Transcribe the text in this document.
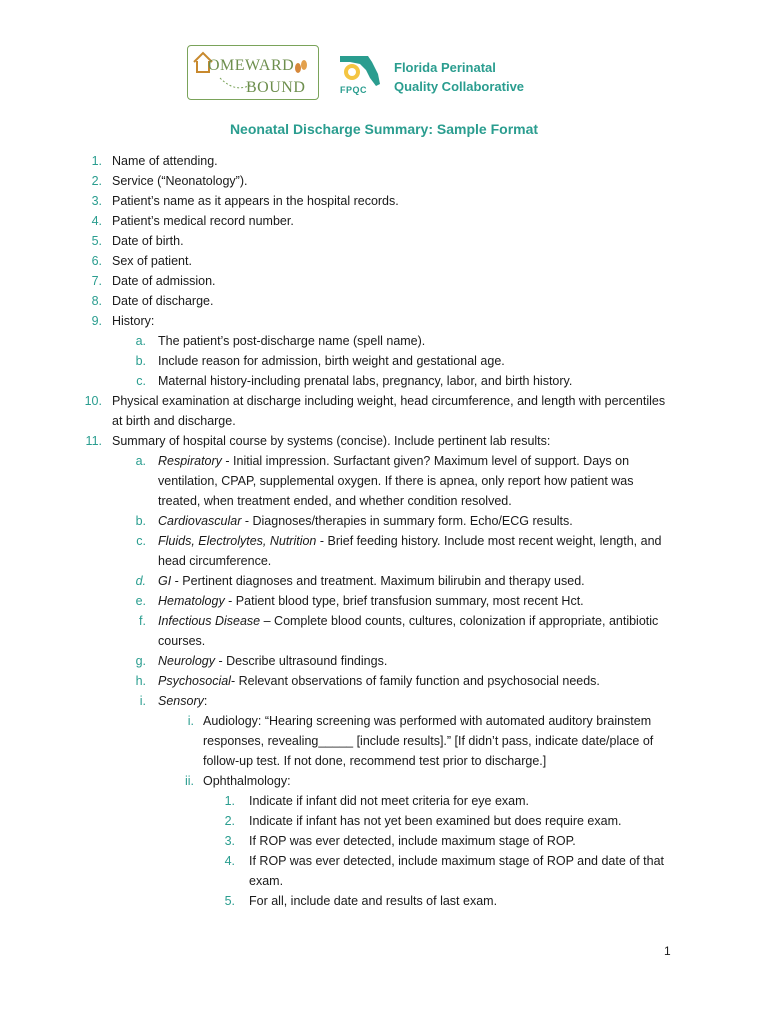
OMEWARD
BOUND	FPQC
Florida Perinatal
Quality Collaborative
Neonatal Discharge Summary: Sample Format
1. Name of attending.
2. Service (“Neonatology”).
3. Patient’s name as it appears in the hospital records.
4. Patient’s medical record number.
5. Date of birth.
6. Sex of patient.
7. Date of admission.
8. Date of discharge.
9. History:
a. The patient’s post-discharge name (spell name).
b. Include reason for admission, birth weight and gestational age.
c. Maternal history-including prenatal labs, pregnancy, labor, and birth history.
10. Physical examination at discharge including weight, head circumference, and length with percentiles at birth and discharge.
11. Summary of hospital course by systems (concise). Include pertinent lab results:
a. Respiratory - Initial impression. Surfactant given? Maximum level of support. Days on ventilation, CPAP, supplemental oxygen. If there is apnea, only report how patient was treated, when treatment ended, and whether condition resolved.
b. Cardiovascular - Diagnoses/therapies in summary form. Echo/ECG results.
c. Fluids, Electrolytes, Nutrition - Brief feeding history. Include most recent weight, length, and head circumference.
d. GI - Pertinent diagnoses and treatment. Maximum bilirubin and therapy used.
e. Hematology - Patient blood type, brief transfusion summary, most recent Hct.
f. Infectious Disease – Complete blood counts, cultures, colonization if appropriate, antibiotic courses.
g. Neurology - Describe ultrasound findings.
h. Psychosocial- Relevant observations of family function and psychosocial needs.
i. Sensory:
i. Audiology: “Hearing screening was performed with automated auditory brainstem responses, revealing_____ [include results].” [If didn’t pass, indicate date/place of follow-up test. If not done, recommend test prior to discharge.]
ii. Ophthalmology:
1. Indicate if infant did not meet criteria for eye exam.
2. Indicate if infant has not yet been examined but does require exam.
3. If ROP was ever detected, include maximum stage of ROP.
4. If ROP was ever detected, include maximum stage of ROP and date of that exam.
5. For all, include date and results of last exam.
1
